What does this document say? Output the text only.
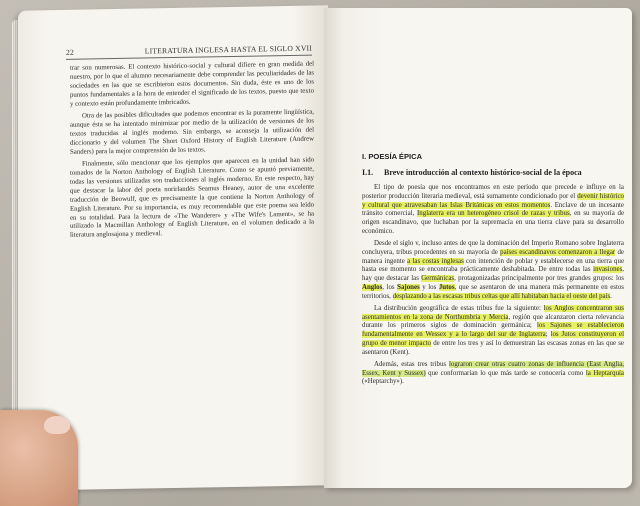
22	LITERATURA INGLESA HASTA EL SIGLO XVII

trar son numerosas. El contexto histórico-social y cultural difiere en gran medida del nuestro, por lo que el alumno necesariamente debe comprender las peculiaridades de las sociedades en las que se escribieron estos documentos. Sin duda, éste es uno de los puntos fundamentales a la hora de entender el significado de los textos, puesto que texto y contexto están profundamente imbricados.

Otra de las posibles dificultades que podemos encontrar es la puramente lingüística, aunque ésta se ha intentado minimizar por medio de la utilización de versiones de los textos traducidas al inglés moderno. Sin embargo, se aconseja la utilización del diccionario y del volumen The Short Oxford History of English Literature (Andrew Sanders) para la mejor comprensión de los textos.

Finalmente, sólo mencionar que los ejemplos que aparecen en la unidad han sido tomados de la Norton Anthology of English Literature. Como se apuntó previamente, todas las versiones utilizadas son traducciones al inglés moderno. En este respecto, hay que destacar la labor del poeta norirlandés Seamus Heaney, autor de una excelente traducción de Beowulf, que es precisamente la que contiene la Norton Anthology of English Literature. Por su importancia, es muy recomendable que este poema sea leído en su totalidad. Para la lectura de «The Wanderer» y «The Wife's Lament», se ha utilizado la Macmillan Anthology of English Literature, en el volumen dedicado a la literatura anglosajona y medieval.

I. POESÍA ÉPICA
I.1.	Breve introducción al contexto histórico-social de la época

El tipo de poesía que nos encontramos en este período que precede e influye en la posterior producción literaria medieval, está sumamente condicionado por el devenir histórico y cultural que atravesaban las Islas Británicas en estos momentos. Enclave de un incesante tránsito comercial, Inglaterra era un heterogéneo crisol de razas y tribus, en su mayoría de origen escandinavo, que luchaban por la supremacía en una tierra clave para su desarrollo económico.

Desde el siglo v, incluso antes de que la dominación del Imperio Romano sobre Inglaterra concluyera, tribus procedentes en su mayoría de países escandinavos comenzaron a llegar de manera ingente a las costas inglesas con intención de poblar y establecerse en una tierra que hasta ese momento se encontraba prácticamente deshabitada. De entre todas las invasiones, hay que destacar las Germánicas, protagonizadas principalmente por tres grandes grupos: los Anglos, los Sajones y los Jutos, que se asentaron de una manera más permanente en estos territorios, desplazando a las escasas tribus celtas que allí habitaban hacia el oeste del país.

La distribución geográfica de estas tribus fue la siguiente: los Anglos concentraron sus asentamientos en la zona de Northumbria y Mercia, región que alcanzaron cierta relevancia durante los primeros siglos de dominación germánica; los Sajones se establecieron fundamentalmente en Wessex y a lo largo del sur de Inglaterra; los Jutos constituyeron el grupo de menor impacto de entre los tres y así lo demuestran las escasas zonas en las que se asentaron (Kent).

Además, estas tres tribus lograron crear otras cuatro zonas de influencia (East Anglia, Essex, Kent y Sussex) que conformarían lo que más tarde se conocería como la Heptarquía («Heptarchy»).
